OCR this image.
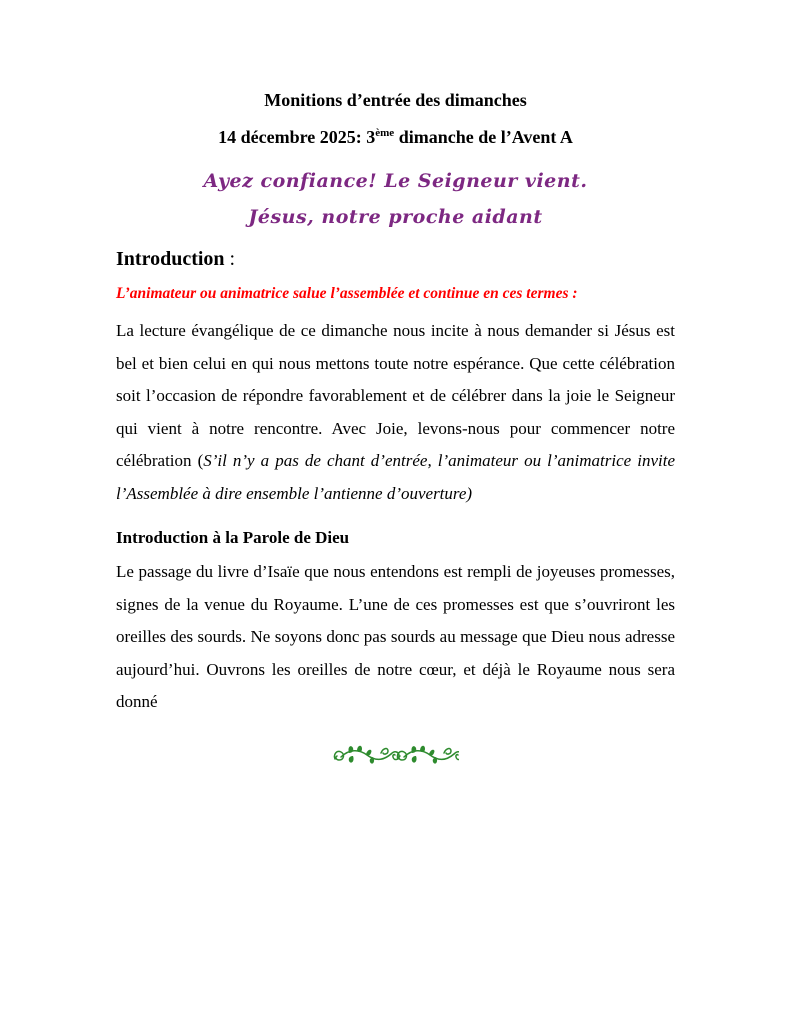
Monitions d’entrée des dimanches
14 décembre 2025: 3ème dimanche de l’Avent A
Ayez confiance! Le Seigneur vient.
Jésus, notre proche aidant
Introduction :
L’animateur ou animatrice salue l’assemblée et continue en ces termes :

La lecture évangélique de ce dimanche nous incite à nous demander si Jésus est bel et bien celui en qui nous mettons toute notre espérance. Que cette célébration soit l’occasion de répondre favorablement et de célébrer dans la joie le Seigneur qui vient à notre rencontre. Avec Joie, levons-nous pour commencer notre célébration (S’il n’y a pas de chant d’entrée, l’animateur ou l’animatrice invite l’Assemblée à dire ensemble l’antienne d’ouverture)

Introduction à la Parole de Dieu

Le passage du livre d’Isaïe que nous entendons est rempli de joyeuses promesses, signes de la venue du Royaume. L’une de ces promesses est que s’ouvriront les oreilles des sourds. Ne soyons donc pas sourds au message que Dieu nous adresse aujourd’hui. Ouvrons les oreilles de notre cœur, et déjà le Royaume nous sera donné
